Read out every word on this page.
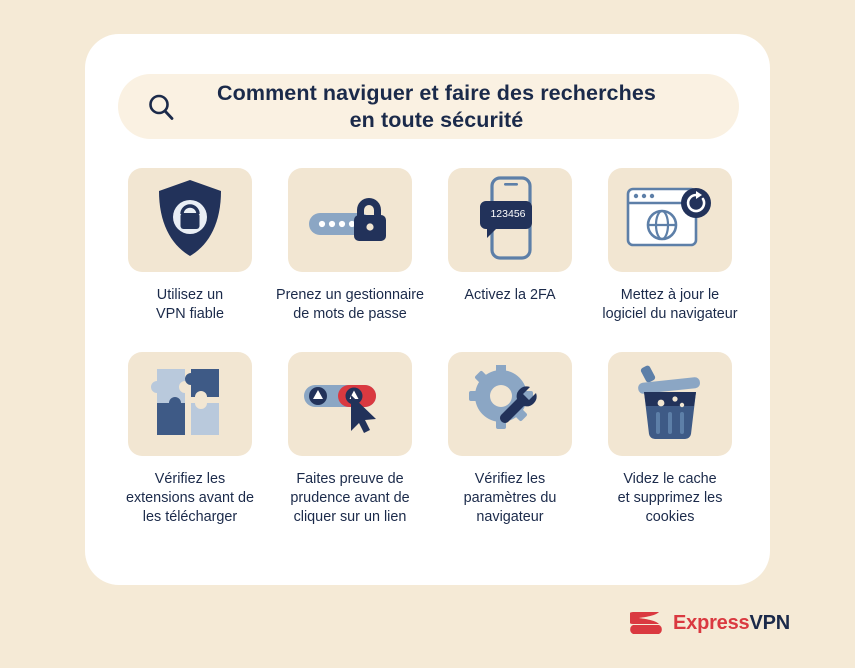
Comment naviguer et faire des recherches
en toute sécurité
Utilisez un
VPN fiable
Prenez un gestionnaire
de mots de passe
123456
Activez la 2FA	Mettez à jour le
logiciel du navigateur
Vérifiez les
extensions avant de
les télécharger
Faites preuve de
prudence avant de
cliquer sur un lien
Vérifiez les
paramètres du
navigateur
Videz le cache
et supprimez les
cookies
ExpressVPN
